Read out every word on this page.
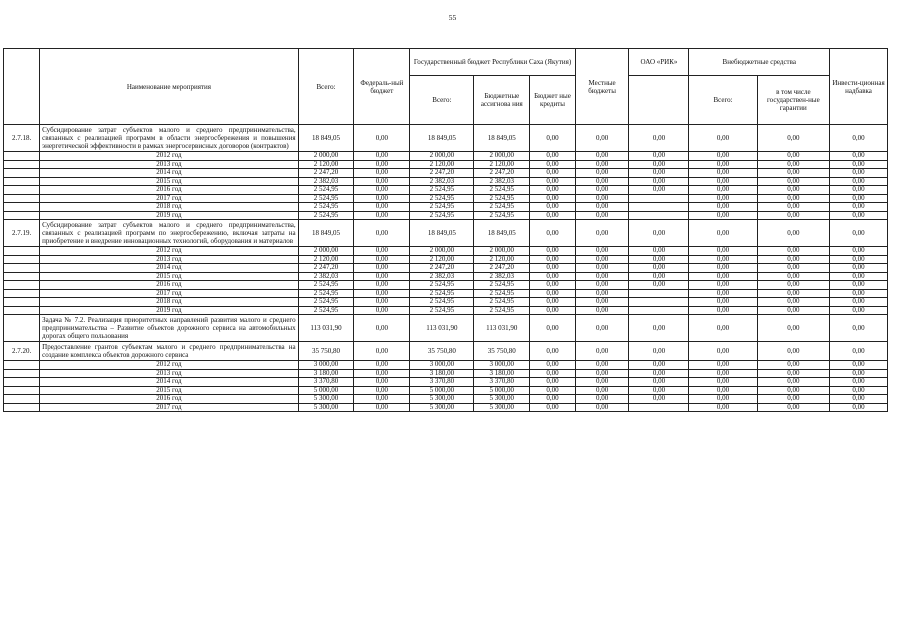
55
	Наименование мероприятия	Всего:	Федераль-ный бюджет	Государственный бюджет Республики Саха (Якутия)			Местные бюджеты	ОАО «РИК»	Внебюджетные средства		Инвести-ционная надбавка
				Всего:	Бюджетные ассигнова ния	Бюджет ные кредиты			Всего:	в том числе государствен-ные гарантии	
2.7.18.	Субсидирование затрат субъектов малого и среднего предпринимательства, связанных с реализацией программ в области энергосбережения и повышения энергетической эффективности в рамках энергосервисных договоров (контрактов)	18 849,05	0,00	18 849,05	18 849,05	0,00	0,00	0,00	0,00	0,00	0,00
	2012 год	2 000,00	0,00	2 000,00	2 000,00	0,00	0,00	0,00	0,00	0,00	0,00
	2013 год	2 120,00	0,00	2 120,00	2 120,00	0,00	0,00	0,00	0,00	0,00	0,00
	2014 год	2 247,20	0,00	2 247,20	2 247,20	0,00	0,00	0,00	0,00	0,00	0,00
	2015 год	2 382,03	0,00	2 382,03	2 382,03	0,00	0,00	0,00	0,00	0,00	0,00
	2016 год	2 524,95	0,00	2 524,95	2 524,95	0,00	0,00	0,00	0,00	0,00	0,00
	2017 год	2 524,95	0,00	2 524,95	2 524,95	0,00	0,00		0,00	0,00	0,00
	2018 год	2 524,95	0,00	2 524,95	2 524,95	0,00	0,00		0,00	0,00	0,00
	2019 год	2 524,95	0,00	2 524,95	2 524,95	0,00	0,00		0,00	0,00	0,00
2.7.19.	Субсидирование затрат субъектов малого и среднего предпринимательства, связанных с реализацией программ по энергосбережению, включая затраты на приобретение и внедрение инновационных технологий, оборудования и материалов	18 849,05	0,00	18 849,05	18 849,05	0,00	0,00	0,00	0,00	0,00	0,00
	2012 год	2 000,00	0,00	2 000,00	2 000,00	0,00	0,00	0,00	0,00	0,00	0,00
	2013 год	2 120,00	0,00	2 120,00	2 120,00	0,00	0,00	0,00	0,00	0,00	0,00
	2014 год	2 247,20	0,00	2 247,20	2 247,20	0,00	0,00	0,00	0,00	0,00	0,00
	2015 год	2 382,03	0,00	2 382,03	2 382,03	0,00	0,00	0,00	0,00	0,00	0,00
	2016 год	2 524,95	0,00	2 524,95	2 524,95	0,00	0,00	0,00	0,00	0,00	0,00
	2017 год	2 524,95	0,00	2 524,95	2 524,95	0,00	0,00		0,00	0,00	0,00
	2018 год	2 524,95	0,00	2 524,95	2 524,95	0,00	0,00		0,00	0,00	0,00
	2019 год	2 524,95	0,00	2 524,95	2 524,95	0,00	0,00		0,00	0,00	0,00
	Задача № 7.2. Реализация приоритетных направлений развития малого и среднего предпринимательства – Развитие объектов дорожного сервиса на автомобильных дорогах общего пользования	113 031,90	0,00	113 031,90	113 031,90	0,00	0,00	0,00	0,00	0,00	0,00
2.7.20.	Предоставление грантов субъектам малого и среднего предпринимательства на создание комплекса объектов дорожного сервиса	35 750,80	0,00	35 750,80	35 750,80	0,00	0,00	0,00	0,00	0,00	0,00
	2012 год	3 000,00	0,00	3 000,00	3 000,00	0,00	0,00	0,00	0,00	0,00	0,00
	2013 год	3 180,00	0,00	3 180,00	3 180,00	0,00	0,00	0,00	0,00	0,00	0,00
	2014 год	3 370,80	0,00	3 370,80	3 370,80	0,00	0,00	0,00	0,00	0,00	0,00
	2015 год	5 000,00	0,00	5 000,00	5 000,00	0,00	0,00	0,00	0,00	0,00	0,00
	2016 год	5 300,00	0,00	5 300,00	5 300,00	0,00	0,00	0,00	0,00	0,00	0,00
	2017 год	5 300,00	0,00	5 300,00	5 300,00	0,00	0,00		0,00	0,00	0,00
